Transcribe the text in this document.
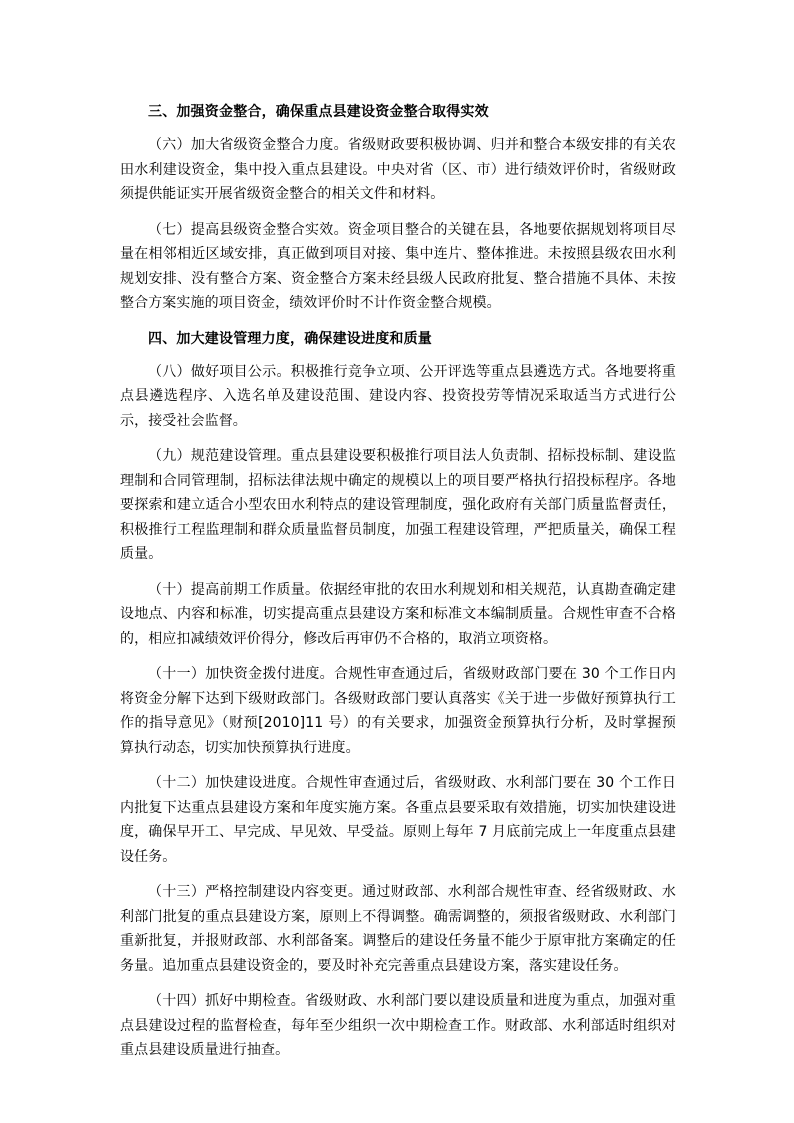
三、加强资金整合，确保重点县建设资金整合取得实效
（六）加大省级资金整合力度。省级财政要积极协调、归并和整合本级安排的有关农田水利建设资金，集中投入重点县建设。中央对省（区、市）进行绩效评价时，省级财政须提供能证实开展省级资金整合的相关文件和材料。
（七）提高县级资金整合实效。资金项目整合的关键在县，各地要依据规划将项目尽量在相邻相近区域安排，真正做到项目对接、集中连片、整体推进。未按照县级农田水利规划安排、没有整合方案、资金整合方案未经县级人民政府批复、整合措施不具体、未按整合方案实施的项目资金，绩效评价时不计作资金整合规模。
四、加大建设管理力度，确保建设进度和质量
（八）做好项目公示。积极推行竞争立项、公开评选等重点县遴选方式。各地要将重点县遴选程序、入选名单及建设范围、建设内容、投资投劳等情况采取适当方式进行公示，接受社会监督。
（九）规范建设管理。重点县建设要积极推行项目法人负责制、招标投标制、建设监理制和合同管理制，招标法律法规中确定的规模以上的项目要严格执行招投标程序。各地要探索和建立适合小型农田水利特点的建设管理制度，强化政府有关部门质量监督责任，积极推行工程监理制和群众质量监督员制度，加强工程建设管理，严把质量关，确保工程质量。
（十）提高前期工作质量。依据经审批的农田水利规划和相关规范，认真勘查确定建设地点、内容和标准，切实提高重点县建设方案和标准文本编制质量。合规性审查不合格的，相应扣减绩效评价得分，修改后再审仍不合格的，取消立项资格。
（十一）加快资金拨付进度。合规性审查通过后，省级财政部门要在 30 个工作日内将资金分解下达到下级财政部门。各级财政部门要认真落实《关于进一步做好预算执行工作的指导意见》（财预[2010]11 号）的有关要求，加强资金预算执行分析，及时掌握预算执行动态，切实加快预算执行进度。
（十二）加快建设进度。合规性审查通过后，省级财政、水利部门要在 30 个工作日内批复下达重点县建设方案和年度实施方案。各重点县要采取有效措施，切实加快建设进度，确保早开工、早完成、早见效、早受益。原则上每年 7 月底前完成上一年度重点县建设任务。
（十三）严格控制建设内容变更。通过财政部、水利部合规性审查、经省级财政、水利部门批复的重点县建设方案，原则上不得调整。确需调整的，须报省级财政、水利部门重新批复，并报财政部、水利部备案。调整后的建设任务量不能少于原审批方案确定的任务量。追加重点县建设资金的，要及时补充完善重点县建设方案，落实建设任务。
（十四）抓好中期检查。省级财政、水利部门要以建设质量和进度为重点，加强对重点县建设过程的监督检查，每年至少组织一次中期检查工作。财政部、水利部适时组织对重点县建设质量进行抽查。
